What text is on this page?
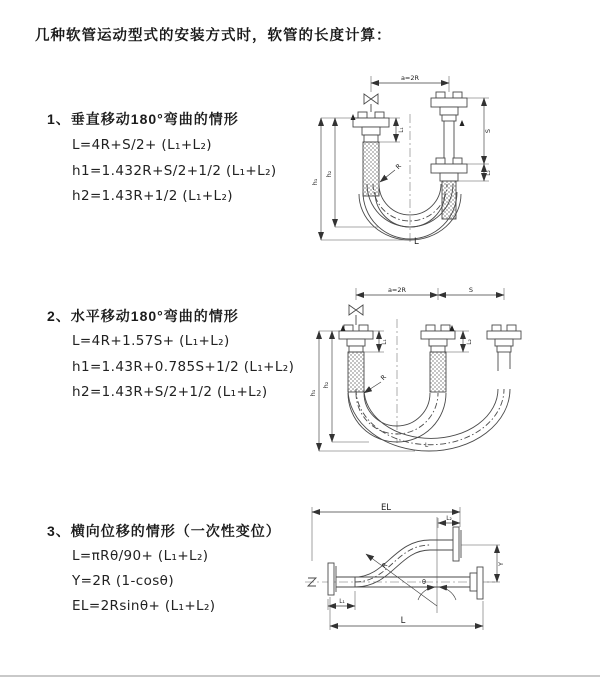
几种软管运动型式的安装方式时，软管的长度计算：
1、垂直移动180°弯曲的情形
L=4R+S/2+ (L₁+L₂)
h1=1.432R+S/2+1/2 (L₁+L₂)
h2=1.43R+1/2 (L₁+L₂)
a=2R
h₁
h₂
L₁	S
L₂
R
L
2、水平移动180°弯曲的情形
L=4R+1.57S+ (L₁+L₂)
h1=1.43R+0.785S+1/2 (L₁+L₂)
h2=1.43R+S/2+1/2 (L₁+L₂)
a=2R	S
h₁
h₂
L₁	L₂
R
L
3、横向位移的情形（一次性变位）
L=πRθ/90+ (L₁+L₂)
Y=2R (1-cosθ)
EL=2Rsinθ+ (L₁+L₂)
EL
L₂
R
θ
Y
L₁
L
